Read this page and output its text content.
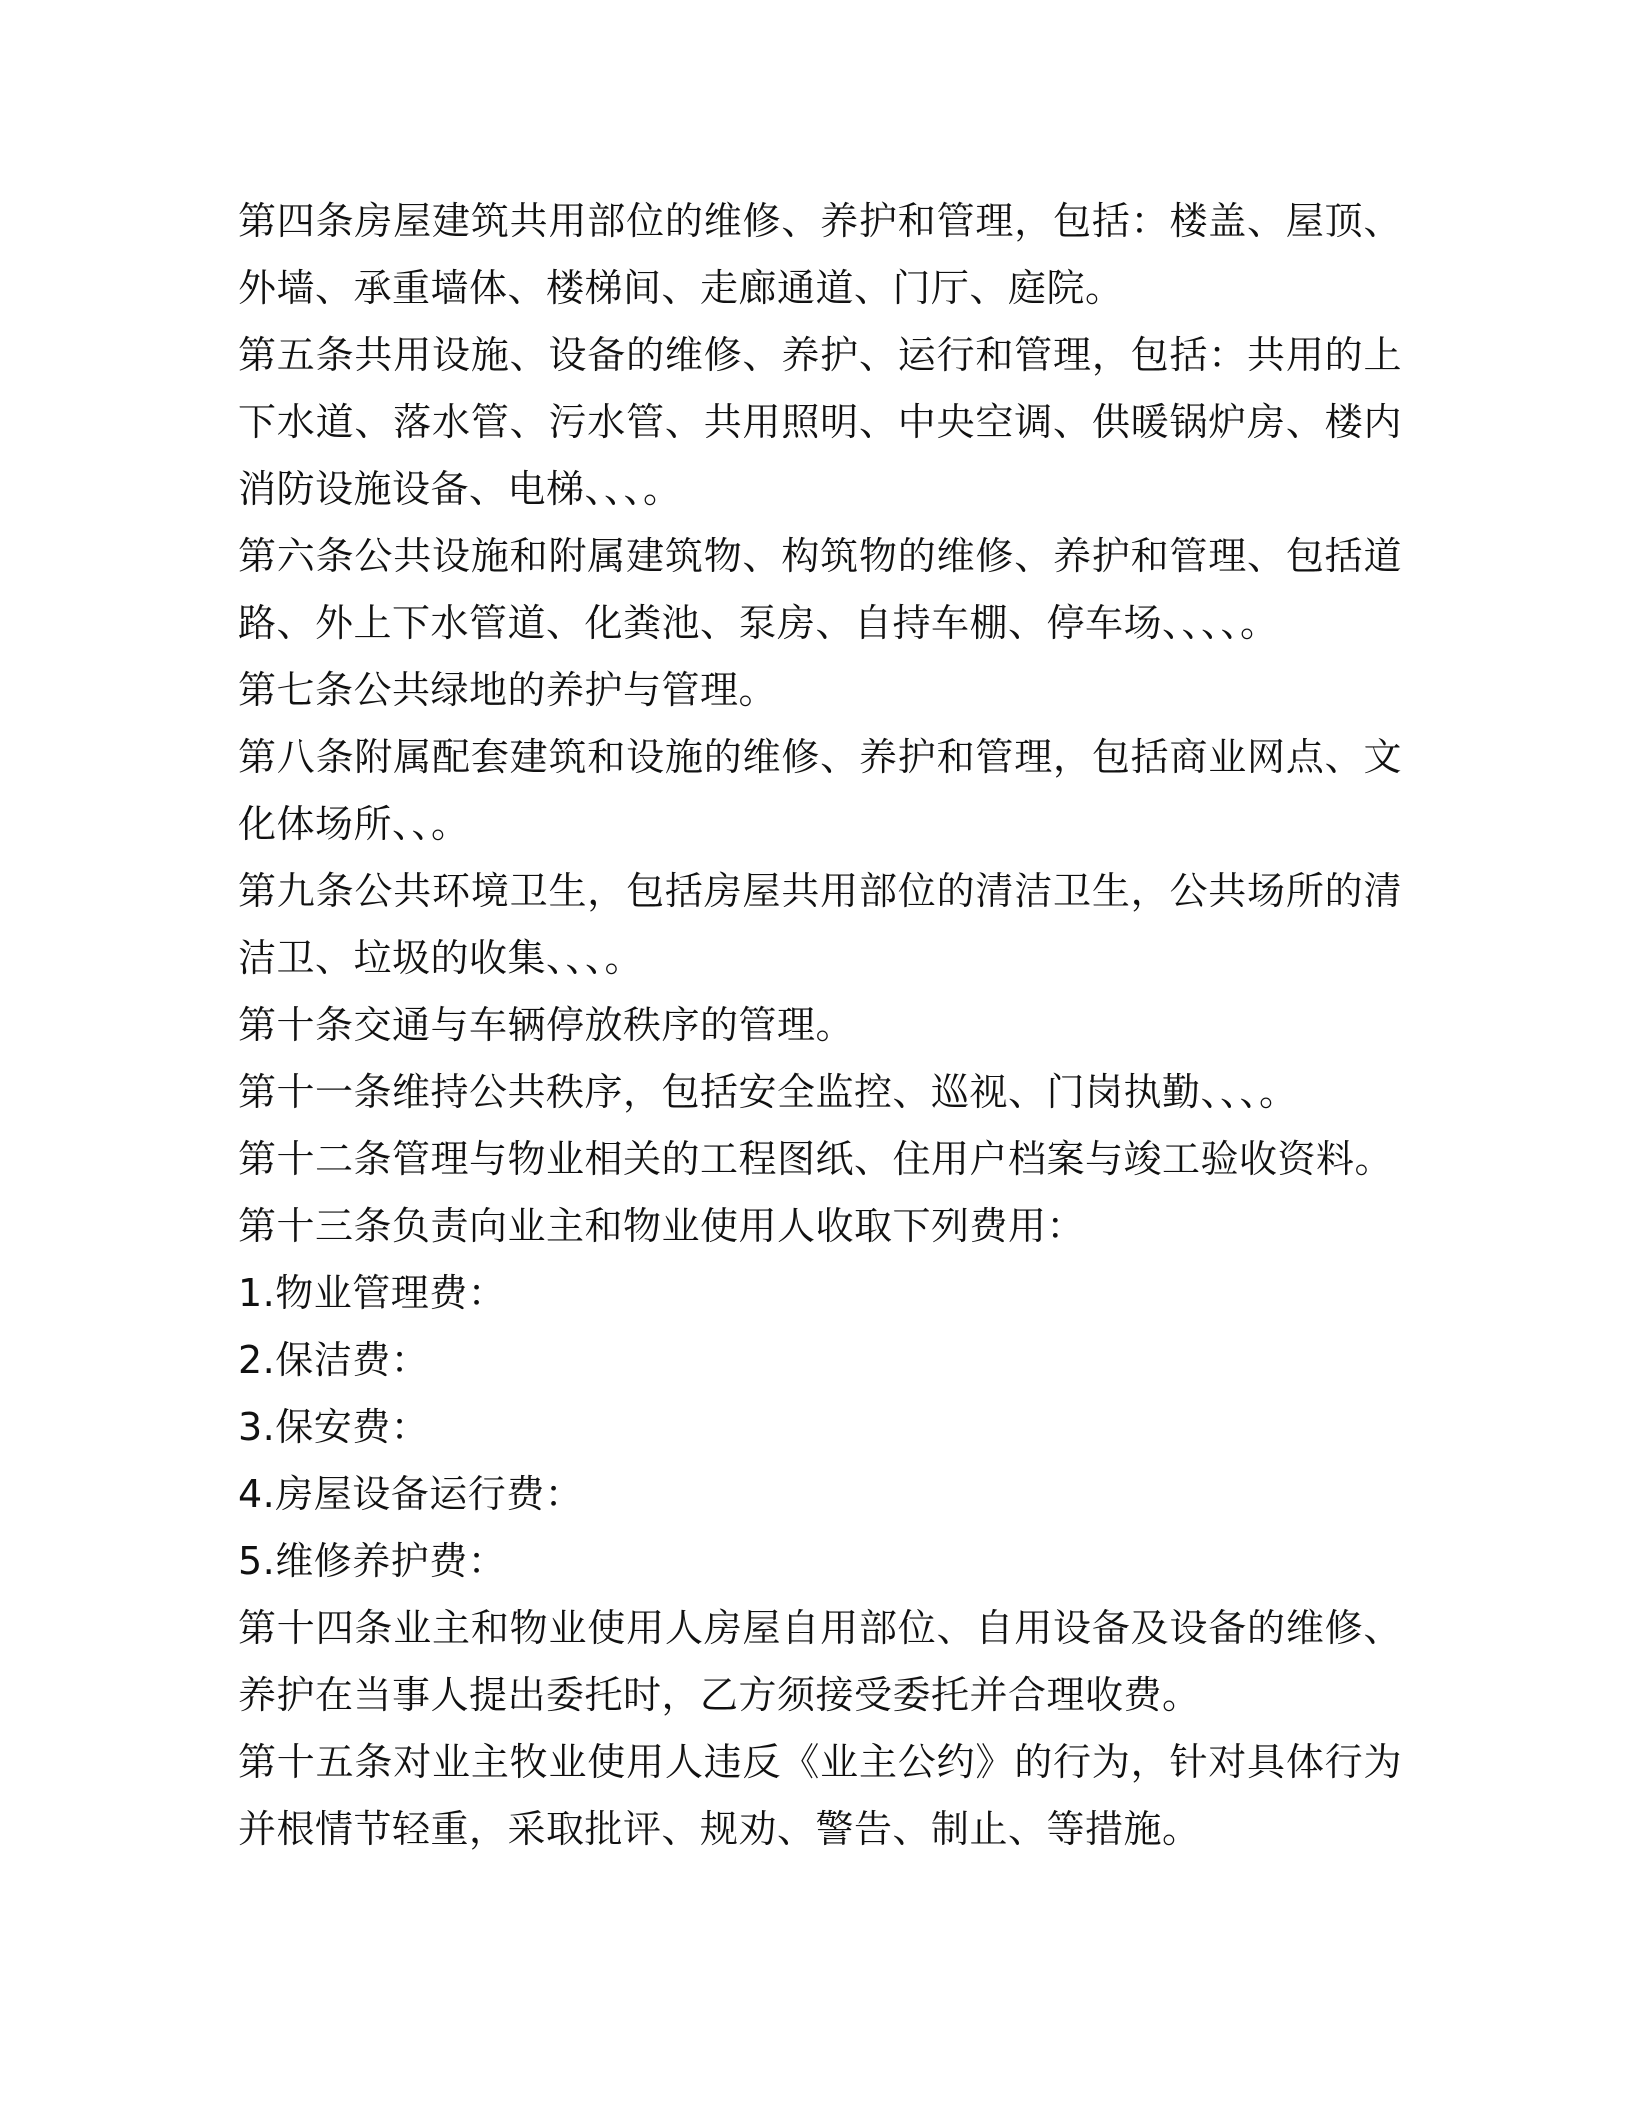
第四条房屋建筑共用部位的维修、养护和管理，包括：楼盖、屋顶、外墙、承重墙体、楼梯间、走廊通道、门厅、庭院。

第五条共用设施、设备的维修、养护、运行和管理，包括：共用的上下水道、落水管、污水管、共用照明、中央空调、供暖锅炉房、楼内消防设施设备、电梯、、、。

第六条公共设施和附属建筑物、构筑物的维修、养护和管理、包括道路、外上下水管道、化粪池、泵房、自持车棚、停车场、、、、。

第七条公共绿地的养护与管理。

第八条附属配套建筑和设施的维修、养护和管理，包括商业网点、文化体场所、、。

第九条公共环境卫生，包括房屋共用部位的清洁卫生，公共场所的清洁卫、垃圾的收集、、、。

第十条交通与车辆停放秩序的管理。

第十一条维持公共秩序，包括安全监控、巡视、门岗执勤、、、。

第十二条管理与物业相关的工程图纸、住用户档案与竣工验收资料。

第十三条负责向业主和物业使用人收取下列费用：

1.物业管理费：

2.保洁费：

3.保安费：

4.房屋设备运行费：

5.维修养护费：

第十四条业主和物业使用人房屋自用部位、自用设备及设备的维修、养护在当事人提出委托时，乙方须接受委托并合理收费。

第十五条对业主牧业使用人违反《业主公约》的行为，针对具体行为并根情节轻重，采取批评、规劝、警告、制止、等措施。
